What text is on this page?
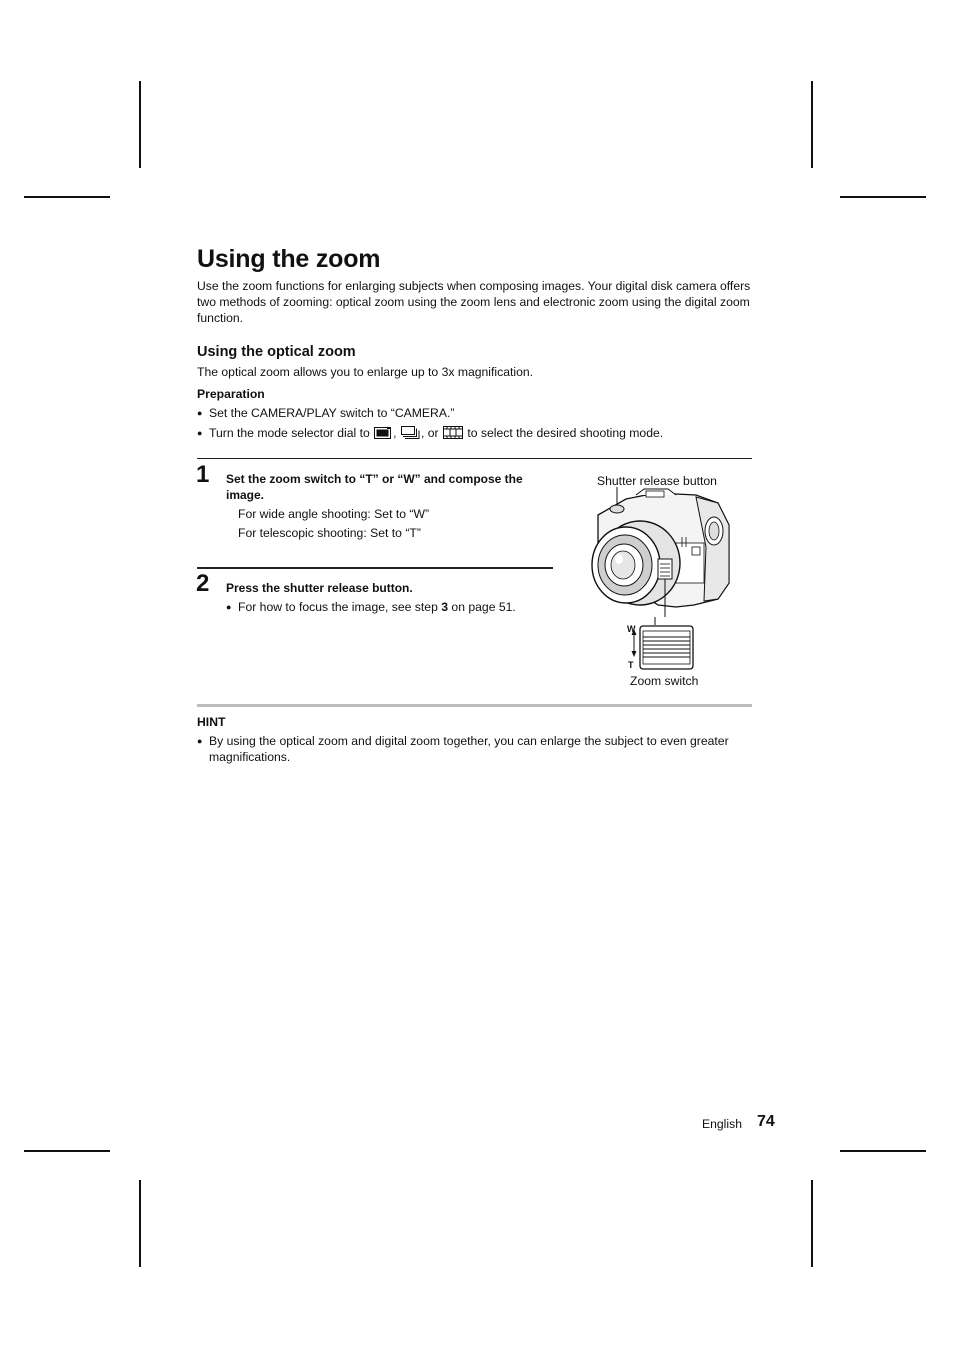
Using the zoom

Use the zoom functions for enlarging subjects when composing images. Your digital disk camera offers two methods of zooming: optical zoom using the zoom lens and electronic zoom using the digital zoom function.

Using the optical zoom

The optical zoom allows you to enlarge up to 3x magnification.

Preparation

● Set the CAMERA/PLAY switch to “CAMERA.”
● Turn the mode selector dial to , , or to select the desired shooting mode.
1 Set the zoom switch to “T” or “W” and compose the image.
For wide angle shooting: Set to “W”
For telescopic shooting: Set to “T”
2 Press the shutter release button.
● For how to focus the image, see step 3 on page 51.
Shutter release button
W
T
Zoom switch
HINT
● By using the optical zoom and digital zoom together, you can enlarge the subject to even greater magnifications.
English 74
